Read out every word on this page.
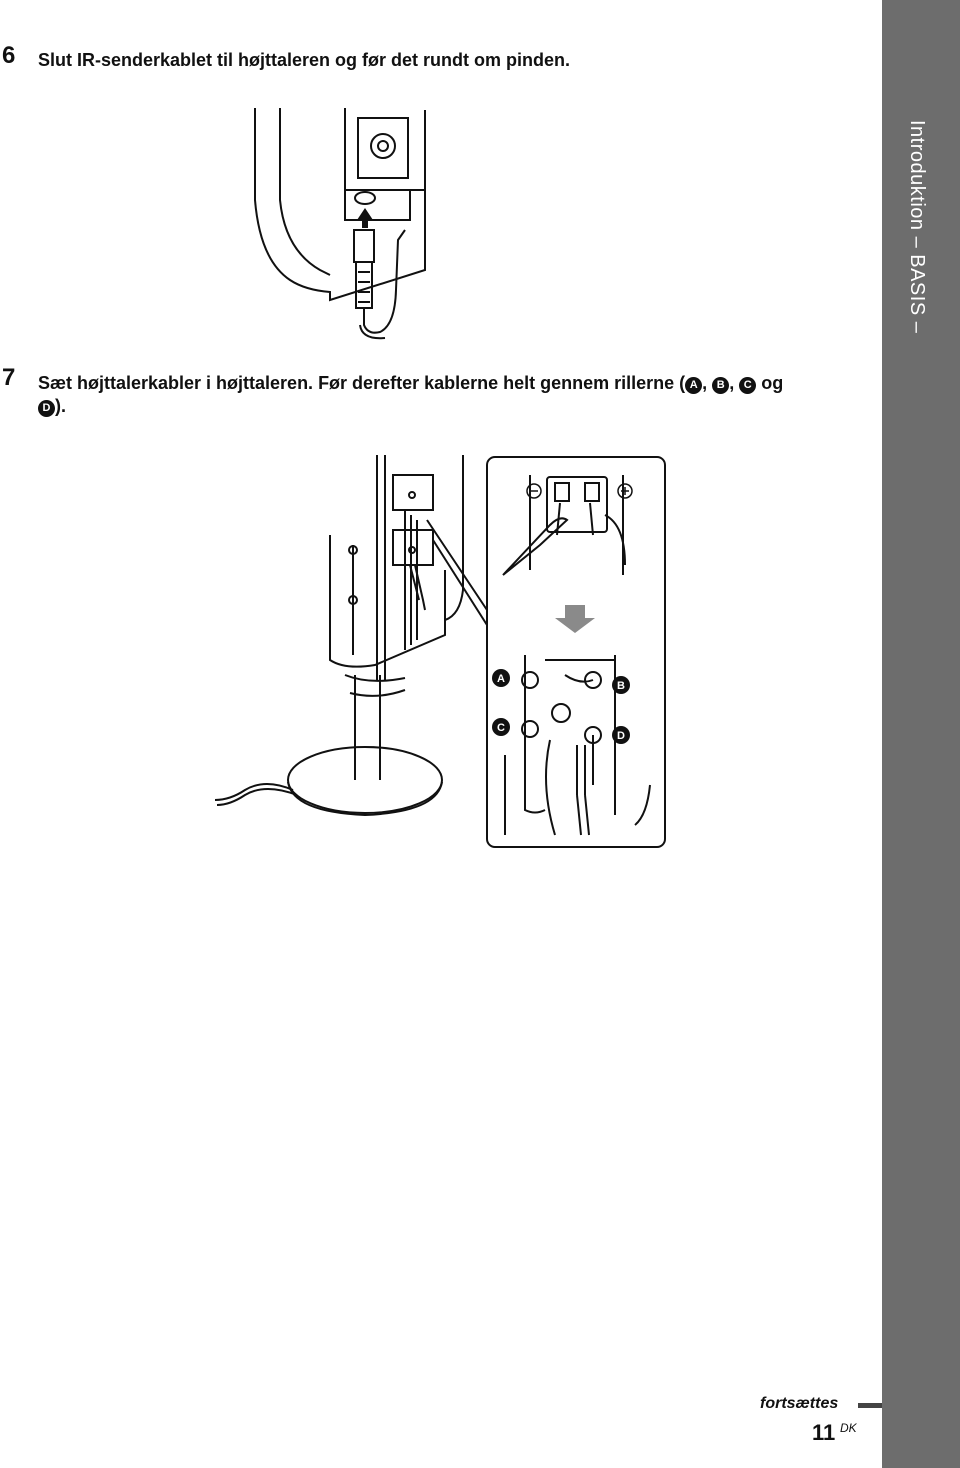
Introduktion – BASIS –
6 Slut IR-senderkablet til højttaleren og før det rundt om pinden.
7 Sæt højttalerkabler i højttaleren. Før derefter kablerne helt gennem rillerne ( A , B , C og
D ).
A
B
C
D
fortsættes
11 DK
